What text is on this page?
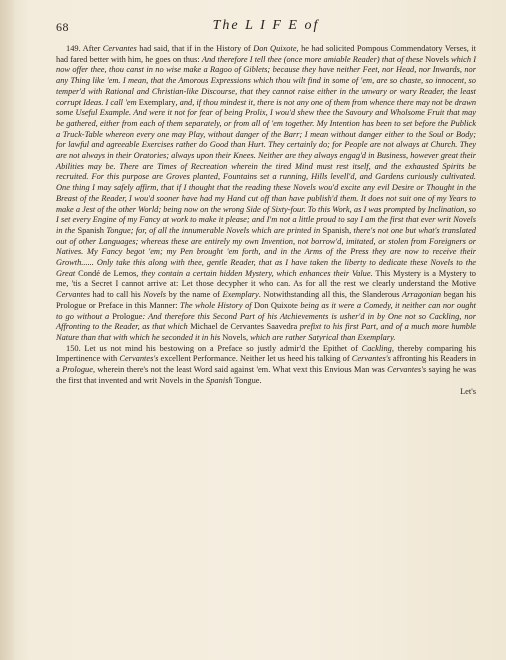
68	The L I F E of

149. After Cervantes had said, that if in the History of Don Quixote, he had solicited Pompous Commendatory Verses, it had fared better with him, he goes on thus: And therefore I tell thee (once more amiable Reader) that of these Novels which I now offer thee, thou canst in no wise make a Ragoo of Giblets; because they have neither Feet, nor Head, nor Inwards, nor any Thing like 'em. I mean, that the Amorous Expressions which thou wilt find in some of 'em, are so chaste, so innocent, so temper'd with Rational and Christian-like Discourse, that they cannot raise either in the unwary or wary Reader, the least corrupt Ideas. I call 'em Exemplary, and, if thou mindest it, there is not any one of them from whence there may not be drawn some Useful Example. And were it not for fear of being Prolix, I wou'd shew thee the Savoury and Wholsome Fruit that may be gathered, either from each of them separately, or from all of 'em together. My Intention has been to set before the Publick a Truck-Table whereon every one may Play, without danger of the Barr; I mean without danger either to the Soul or Body; for lawful and agreeable Exercises rather do Good than Hurt. They certainly do; for People are not always at Church. They are not always in their Oratories; always upon their Knees. Neither are they always engag'd in Business, however great their Abilities may be. There are Times of Recreation wherein the tired Mind must rest itself, and the exhausted Spirits be recruited. For this purpose are Groves planted, Fountains set a running, Hills levell'd, and Gardens curiously cultivated. One thing I may safely affirm, that if I thought that the reading these Novels wou'd excite any evil Desire or Thought in the Breast of the Reader, I wou'd sooner have had my Hand cut off than have publish'd them. It does not suit one of my Years to make a Jest of the other World; being now on the wrong Side of Sixty-four. To this Work, as I was prompted by Inclination, so I set every Engine of my Fancy at work to make it please; and I'm not a little proud to say I am the first that ever writ Novels in the Spanish Tongue; for, of all the innumerable Novels which are printed in Spanish, there's not one but what's translated out of other Languages; whereas these are entirely my own Invention, not borrow'd, imitated, or stolen from Foreigners or Natives. My Fancy begot 'em; my Pen brought 'em forth, and in the Arms of the Press they are now to receive their Growth...... Only take this along with thee, gentle Reader, that as I have taken the liberty to dedicate these Novels to the Great Condé de Lemos, they contain a certain hidden Mystery, which enhances their Value. This Mystery is a Mystery to me, 'tis a Secret I cannot arrive at: Let those decypher it who can. As for all the rest we clearly understand the Motive Cervantes had to call his Novels by the name of Exemplary. Notwithstanding all this, the Slanderous Arragonian began his Prologue or Preface in this Manner: The whole History of Don Quixote being as it were a Comedy, it neither can nor ought to go without a Prologue: And therefore this Second Part of his Atchievements is usher'd in by One not so Cackling, nor Affronting to the Reader, as that which Michael de Cervantes Saavedra prefixt to his first Part, and of a much more humble Nature than that with which he seconded it in his Novels, which are rather Satyrical than Exemplary.

150. Let us not mind his bestowing on a Preface so justly admir'd the Epithet of Cackling, thereby comparing his Impertinence with Cervantes's excellent Performance. Neither let us heed his talking of Cervantes's affronting his Readers in a Prologue, wherein there's not the least Word said against 'em. What vext this Envious Man was Cervantes's saying he was the first that invented and writ Novels in the Spanish Tongue.

Let's
